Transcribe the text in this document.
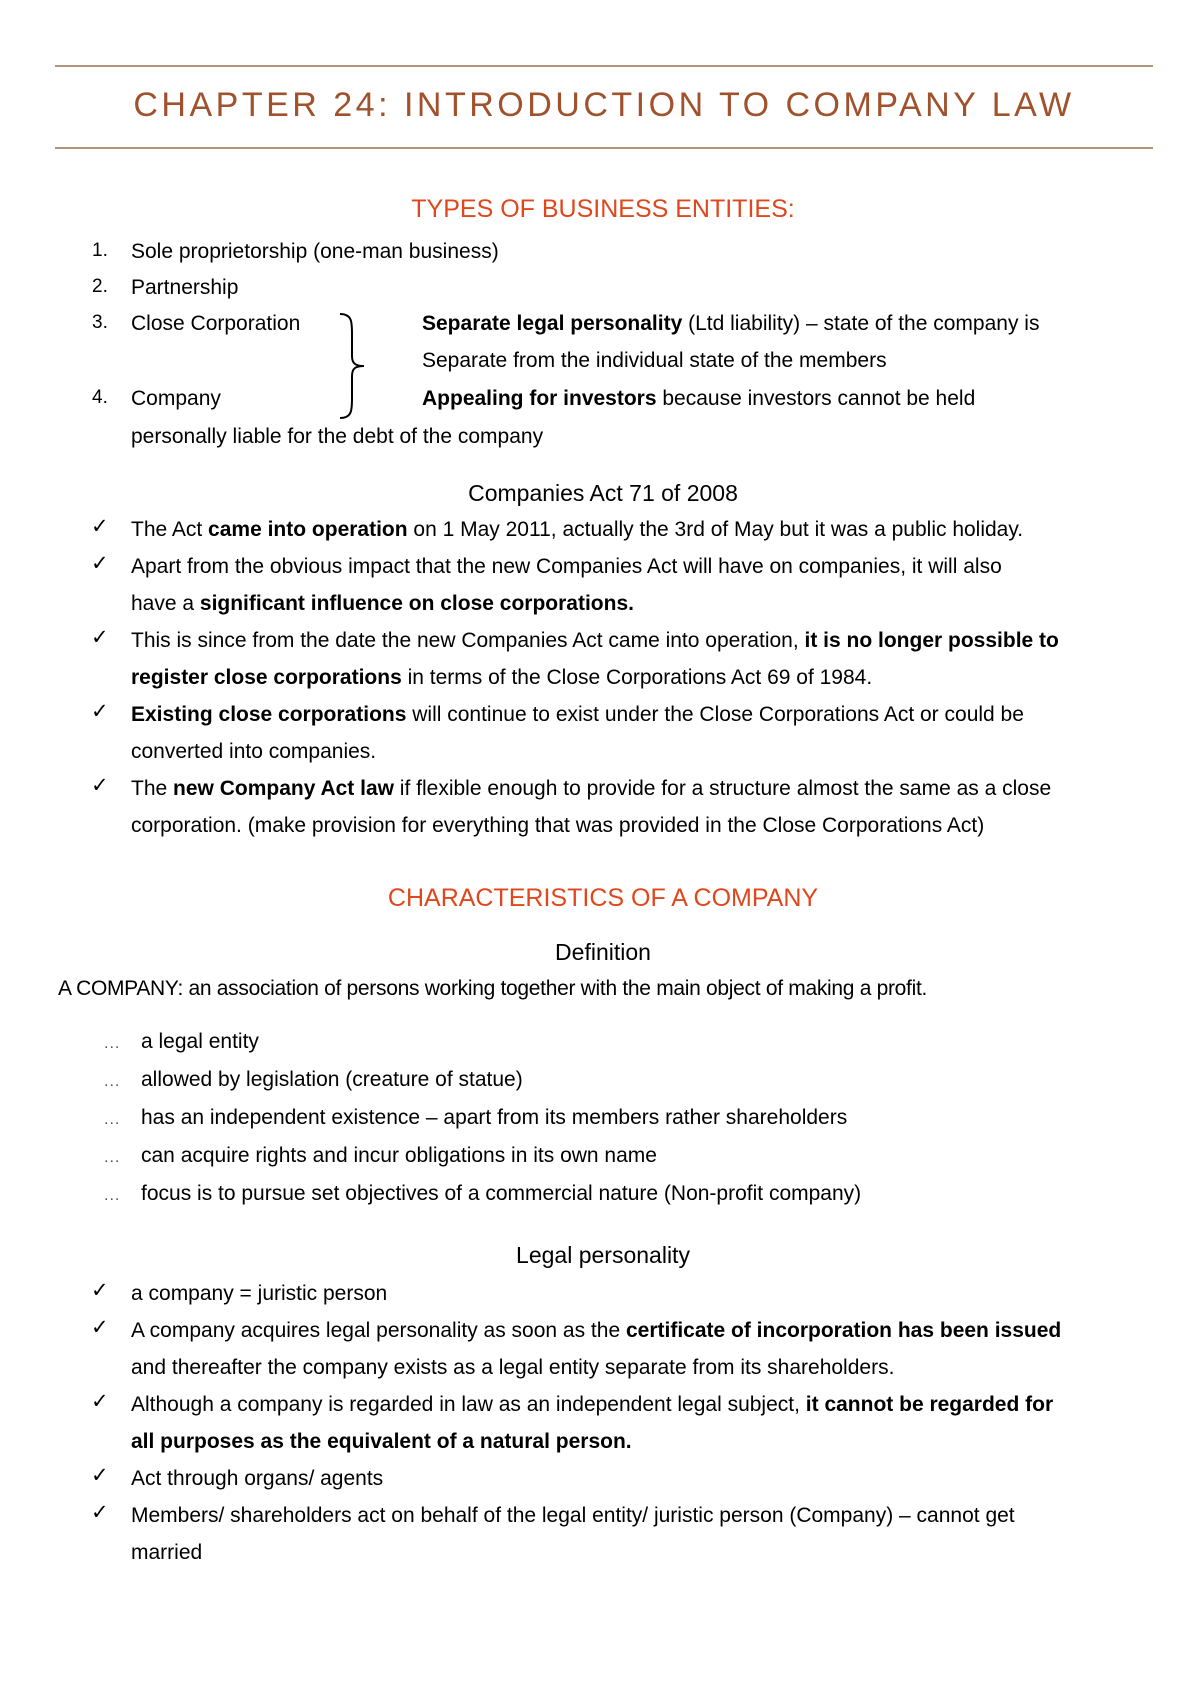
CHAPTER 24: INTRODUCTION TO COMPANY LAW
TYPES OF BUSINESS ENTITIES:
1. Sole proprietorship (one-man business)
2. Partnership
3. Close Corporation
4. Company
Separate legal personality (Ltd liability) – state of the company is
Separate from the individual state of the members
Appealing for investors because investors cannot be held
personally liable for the debt of the company
Companies Act 71 of 2008
✓ The Act came into operation on 1 May 2011, actually the 3rd of May but it was a public holiday.
✓ Apart from the obvious impact that the new Companies Act will have on companies, it will also
have a significant influence on close corporations.
✓ This is since from the date the new Companies Act came into operation, it is no longer possible to
register close corporations in terms of the Close Corporations Act 69 of 1984.
✓ Existing close corporations will continue to exist under the Close Corporations Act or could be
converted into companies.
✓ The new Company Act law if flexible enough to provide for a structure almost the same as a close
corporation. (make provision for everything that was provided in the Close Corporations Act)
CHARACTERISTICS OF A COMPANY
Definition
A COMPANY: an association of persons working together with the main object of making a profit.
... a legal entity
... allowed by legislation (creature of statue)
... has an independent existence – apart from its members rather shareholders
... can acquire rights and incur obligations in its own name
... focus is to pursue set objectives of a commercial nature (Non-profit company)
Legal personality
✓ a company = juristic person
✓ A company acquires legal personality as soon as the certificate of incorporation has been issued
and thereafter the company exists as a legal entity separate from its shareholders.
✓ Although a company is regarded in law as an independent legal subject, it cannot be regarded for
all purposes as the equivalent of a natural person.
✓ Act through organs/ agents
✓ Members/ shareholders act on behalf of the legal entity/ juristic person (Company) – cannot get
married
